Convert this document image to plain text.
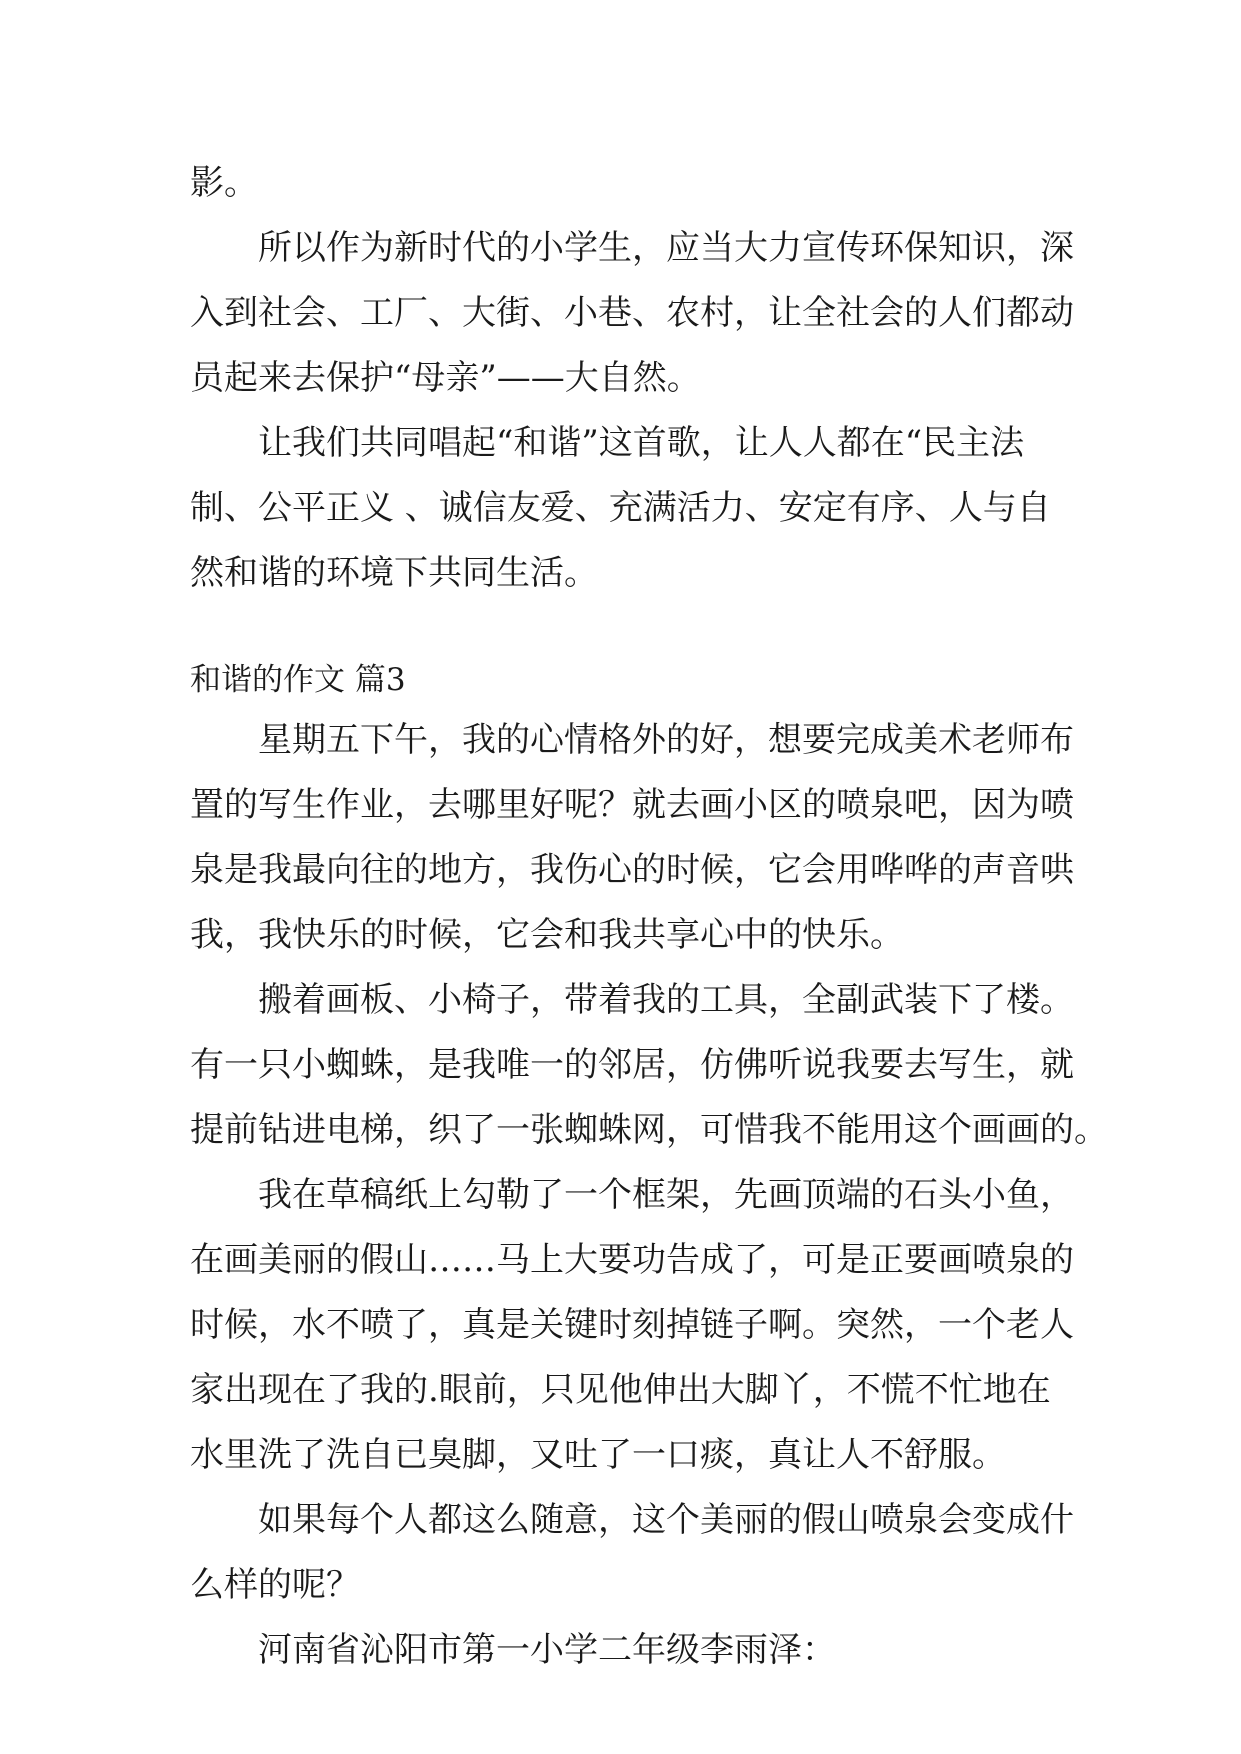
影。
所以作为新时代的小学生，应当大力宣传环保知识，深
入到社会、工厂、大街、小巷、农村，让全社会的人们都动
员起来去保护“母亲”——大自然。
让我们共同唱起“和谐”这首歌，让人人都在“民主法
制、公平正义 、诚信友爱、充满活力、安定有序、人与自
然和谐的环境下共同生活。
和谐的作文 篇3
星期五下午，我的心情格外的好，想要完成美术老师布
置的写生作业，去哪里好呢？就去画小区的喷泉吧，因为喷
泉是我最向往的地方，我伤心的时候，它会用哗哗的声音哄
我，我快乐的时候，它会和我共享心中的快乐。
搬着画板、小椅子，带着我的工具，全副武装下了楼。
有一只小蜘蛛，是我唯一的邻居，仿佛听说我要去写生，就
提前钻进电梯，织了一张蜘蛛网，可惜我不能用这个画画的。
我在草稿纸上勾勒了一个框架，先画顶端的石头小鱼，
在画美丽的假山……马上大要功告成了，可是正要画喷泉的
时候，水不喷了，真是关键时刻掉链子啊。突然，一个老人
家出现在了我的.眼前，只见他伸出大脚丫，不慌不忙地在
水里洗了洗自已臭脚，又吐了一口痰，真让人不舒服。
如果每个人都这么随意，这个美丽的假山喷泉会变成什
么样的呢？
河南省沁阳市第一小学二年级李雨泽：
